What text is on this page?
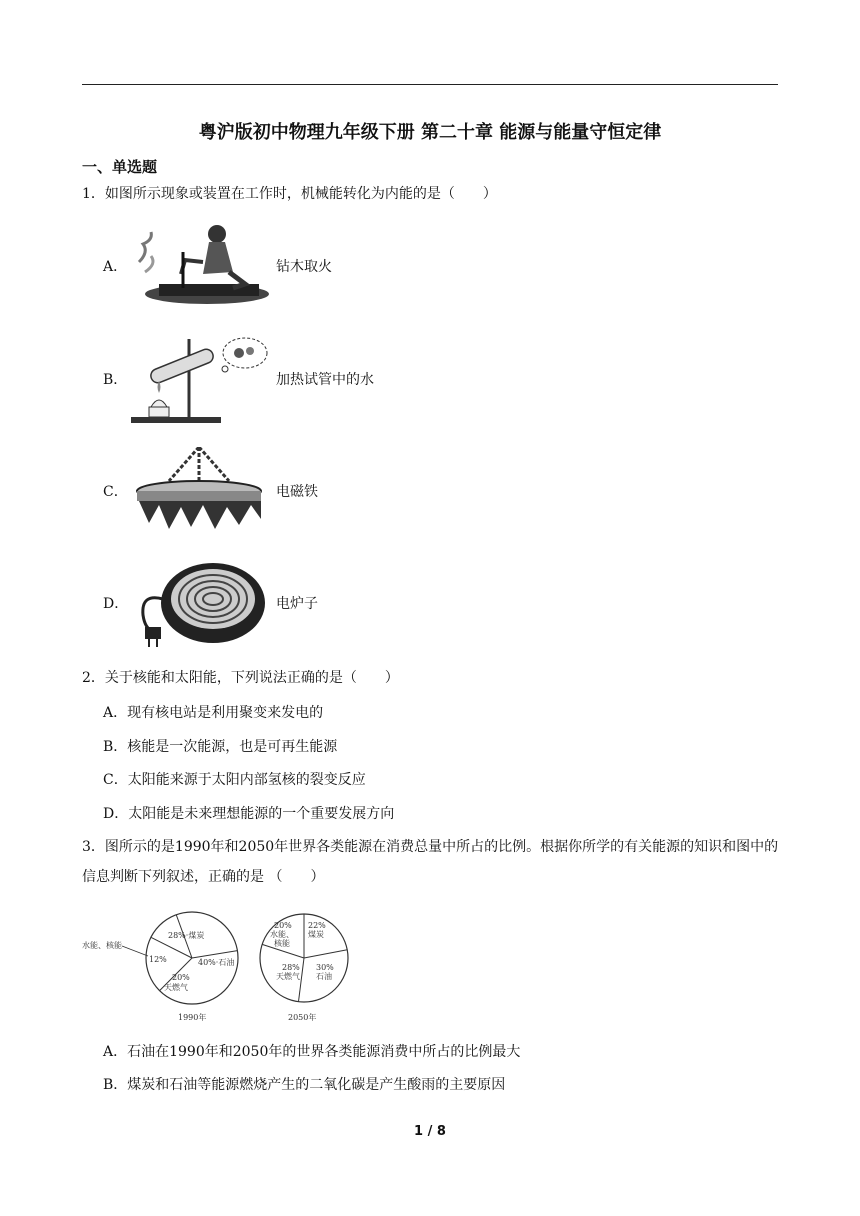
粤沪版初中物理九年级下册 第二十章 能源与能量守恒定律
一、单选题
1．如图所示现象或装置在工作时，机械能转化为内能的是（　　）
A．	钻木取火
B．	加热试管中的水
C．	电磁铁
D．	电炉子
2．关于核能和太阳能，下列说法正确的是（　　）
A．现有核电站是利用聚变来发电的
B．核能是一次能源，也是可再生能源
C．太阳能来源于太阳内部氢核的裂变反应
D．太阳能是未来理想能源的一个重要发展方向
3．图所示的是1990年和2050年世界各类能源在消费总量中所占的比例。根据你所学的有关能源的知识和图中的信息判断下列叙述，正确的是 （　　）
水能、核能
28%·煤炭
40%·石油
20%
天燃气
12%
1990年
20%
水能、
核能
22%
煤炭
30%
石油
28%
天燃气
2050年
A．石油在1990年和2050年的世界各类能源消费中所占的比例最大
B．煤炭和石油等能源燃烧产生的二氧化碳是产生酸雨的主要原因
1 / 8
